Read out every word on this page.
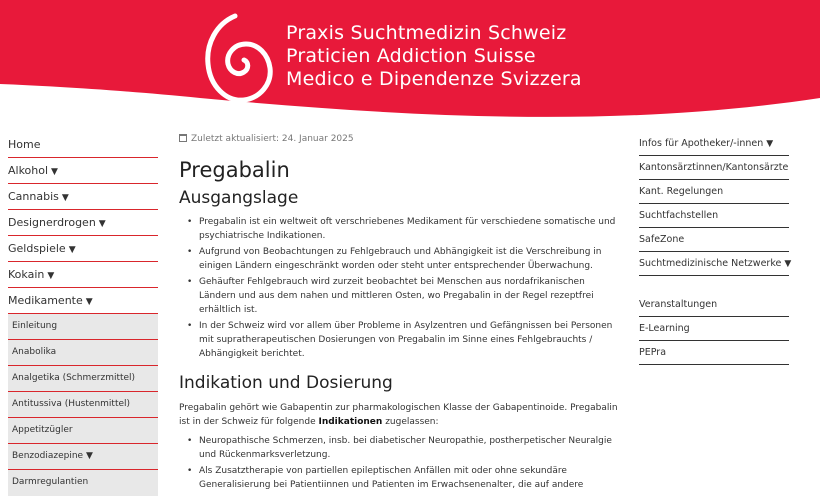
Praxis Suchtmedizin Schweiz
Praticien Addiction Suisse
Medico e Dipendenze Svizzera
Home
Alkohol ▼
Cannabis ▼
Designerdrogen ▼
Geldspiele ▼
Kokain ▼
Medikamente ▼
Einleitung
Anabolika
Analgetika (Schmerzmittel)
Antitussiva (Hustenmittel)
Appetitzügler
Benzodiazepine ▼
Darmregulantien
Zuletzt aktualisiert: 24. Januar 2025
Pregabalin
Ausgangslage
• Pregabalin ist ein weltweit oft verschriebenes Medikament für verschiedene somatische und psychiatrische Indikationen.
• Aufgrund von Beobachtungen zu Fehlgebrauch und Abhängigkeit ist die Verschreibung in einigen Ländern eingeschränkt worden oder steht unter entsprechender Überwachung.
• Gehäufter Fehlgebrauch wird zurzeit beobachtet bei Menschen aus nordafrikanischen Ländern und aus dem nahen und mittleren Osten, wo Pregabalin in der Regel rezeptfrei erhältlich ist.
• In der Schweiz wird vor allem über Probleme in Asylzentren und Gefängnissen bei Personen mit supratherapeutischen Dosierungen von Pregabalin im Sinne eines Fehlgebrauchts / Abhängigkeit berichtet.
Indikation und Dosierung

Pregabalin gehört wie Gabapentin zur pharmakologischen Klasse der Gabapentinoide. Pregabalin ist in der Schweiz für folgende Indikationen zugelassen:

• Neuropathische Schmerzen, insb. bei diabetischer Neuropathie, postherpetischer Neuralgie und Rückenmarksverletzung.
• Als Zusatztherapie von partiellen epileptischen Anfällen mit oder ohne sekundäre Generalisierung bei Patientiinnen und Patienten im Erwachsenenalter, die auf andere
Infos für Apotheker/-innen ▼
Kantonsärztinnen/Kantonsärzte
Kant. Regelungen
Suchtfachstellen
SafeZone
Suchtmedizinische Netzwerke ▼
Veranstaltungen
E-Learning
PEPra
